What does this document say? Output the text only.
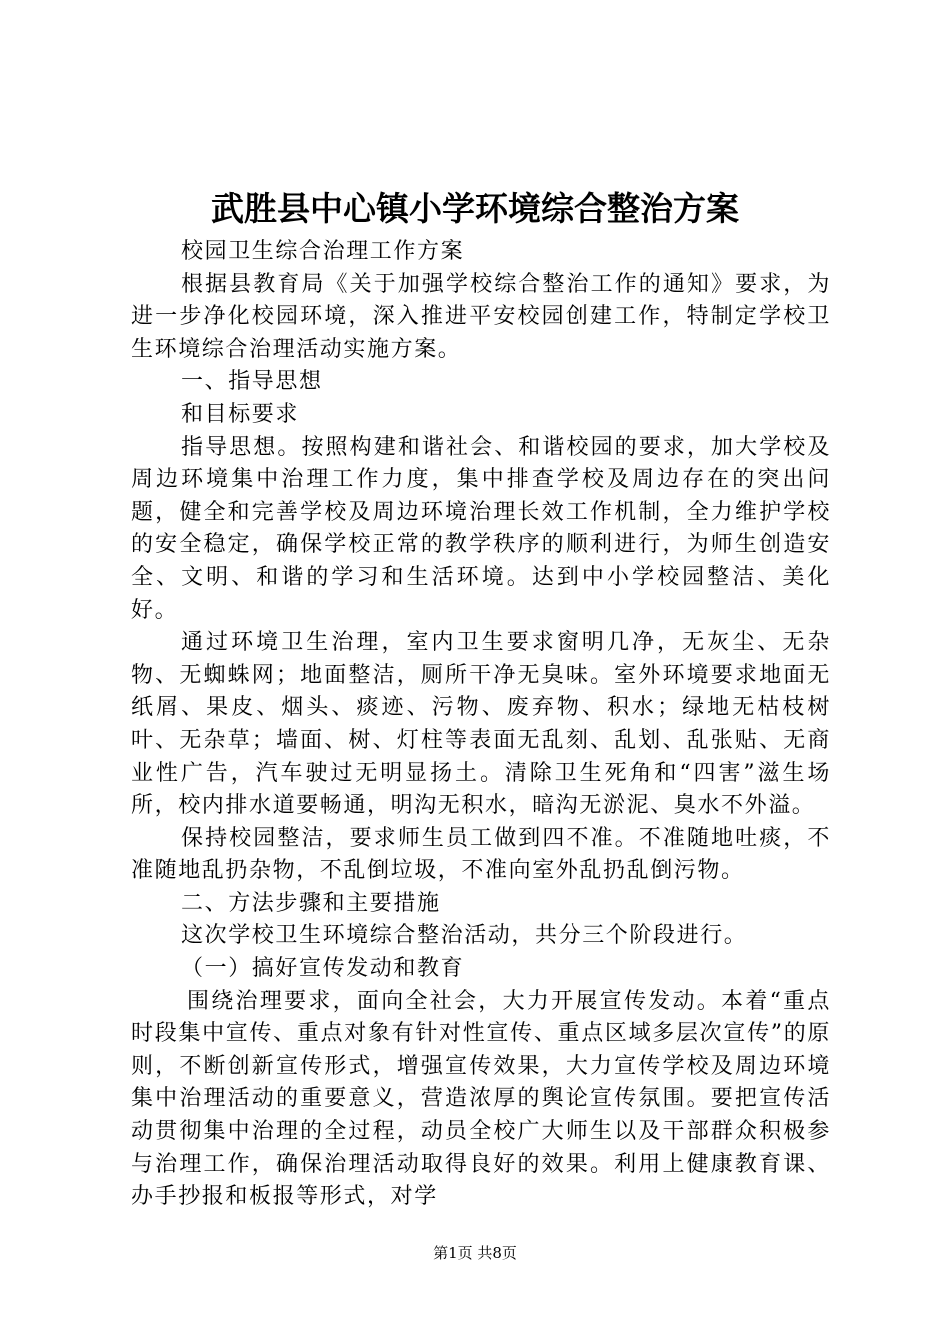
武胜县中心镇小学环境综合整治方案

校园卫生综合治理工作方案

根据县教育局《关于加强学校综合整治工作的通知》要求，为进一步净化校园环境，深入推进平安校园创建工作，特制定学校卫生环境综合治理活动实施方案。

一、指导思想

和目标要求

指导思想。按照构建和谐社会、和谐校园的要求，加大学校及周边环境集中治理工作力度，集中排查学校及周边存在的突出问题，健全和完善学校及周边环境治理长效工作机制，全力维护学校的安全稳定，确保学校正常的教学秩序的顺利进行，为师生创造安全、文明、和谐的学习和生活环境。达到中小学校园整洁、美化好。

通过环境卫生治理，室内卫生要求窗明几净，无灰尘、无杂物、无蜘蛛网；地面整洁，厕所干净无臭味。室外环境要求地面无纸屑、果皮、烟头、痰迹、污物、废弃物、积水；绿地无枯枝树叶、无杂草；墙面、树、灯柱等表面无乱刻、乱划、乱张贴、无商业性广告，汽车驶过无明显扬土。清除卫生死角和“四害”滋生场所，校内排水道要畅通，明沟无积水，暗沟无淤泥、臭水不外溢。

保持校园整洁，要求师生员工做到四不准。不准随地吐痰，不准随地乱扔杂物，不乱倒垃圾，不准向室外乱扔乱倒污物。

二、方法步骤和主要措施

这次学校卫生环境综合整治活动，共分三个阶段进行。

（一）搞好宣传发动和教育

围绕治理要求，面向全社会，大力开展宣传发动。本着“重点时段集中宣传、重点对象有针对性宣传、重点区域多层次宣传”的原则，不断创新宣传形式，增强宣传效果，大力宣传学校及周边环境集中治理活动的重要意义，营造浓厚的舆论宣传氛围。要把宣传活动贯彻集中治理的全过程，动员全校广大师生以及干部群众积极参与治理工作，确保治理活动取得良好的效果。利用上健康教育课、办手抄报和板报等形式，对学

第1页 共8页
